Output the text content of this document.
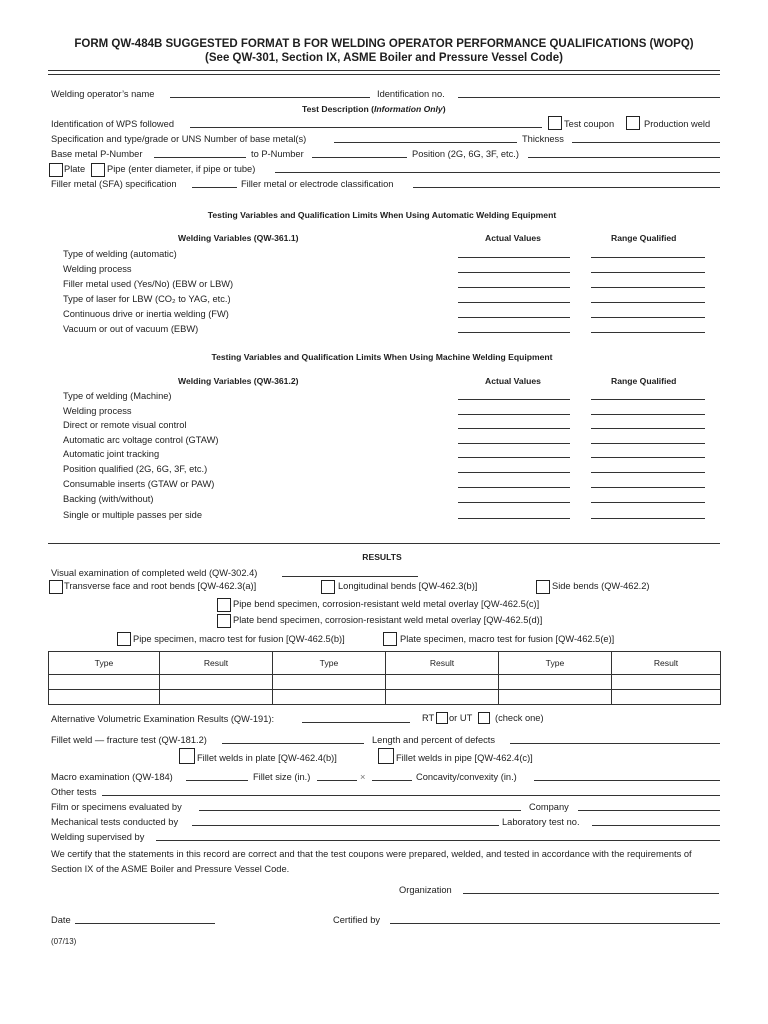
FORM QW-484B SUGGESTED FORMAT B FOR WELDING OPERATOR PERFORMANCE QUALIFICATIONS (WOPQ)
(See QW-301, Section IX, ASME Boiler and Pressure Vessel Code)
Welding operator’s name	Identification no.
Test Description (Information Only)
Identification of WPS followed	Test coupon	Production weld
Specification and type/grade or UNS Number of base metal(s)	Thickness
Base metal P-Number	to P-Number	Position (2G, 6G, 3F, etc.)
Plate Pipe (enter diameter, if pipe or tube)
Filler metal (SFA) specification	Filler metal or electrode classification
Testing Variables and Qualification Limits When Using Automatic Welding Equipment
Welding Variables (QW-361.1)	Actual Values	Range Qualified
Type of welding (automatic)
Welding process
Filler metal used (Yes/No) (EBW or LBW)
Type of laser for LBW (CO₂ to YAG, etc.)
Continuous drive or inertia welding (FW)
Vacuum or out of vacuum (EBW)
Testing Variables and Qualification Limits When Using Machine Welding Equipment
Welding Variables (QW-361.2)	Actual Values	Range Qualified
Type of welding (Machine)
Welding process
Direct or remote visual control
Automatic arc voltage control (GTAW)
Automatic joint tracking
Position qualified (2G, 6G, 3F, etc.)
Consumable inserts (GTAW or PAW)
Backing (with/without)
Single or multiple passes per side
RESULTS
Visual examination of completed weld (QW-302.4)
Transverse face and root bends [QW-462.3(a)]	Longitudinal bends [QW-462.3(b)]	Side bends (QW-462.2)
Pipe bend specimen, corrosion-resistant weld metal overlay [QW-462.5(c)]
Plate bend specimen, corrosion-resistant weld metal overlay [QW-462.5(d)]
Pipe specimen, macro test for fusion [QW-462.5(b)]	Plate specimen, macro test for fusion [QW-462.5(e)]
Type	Result	Type	Result	Type	Result

Alternative Volumetric Examination Results (QW-191):	RT or UT (check one)
Fillet weld — fracture test (QW-181.2)	Length and percent of defects
Fillet welds in plate [QW-462.4(b)]	Fillet welds in pipe [QW-462.4(c)]
Macro examination (QW-184)	Fillet size (in.)	×	Concavity/convexity (in.)
Other tests
Film or specimens evaluated by	Company
Mechanical tests conducted by	Laboratory test no.
Welding supervised by
We certify that the statements in this record are correct and that the test coupons were prepared, welded, and tested in accordance with the requirements of Section IX of the ASME Boiler and Pressure Vessel Code.
Organization
Date	Certified by
(07/13)
